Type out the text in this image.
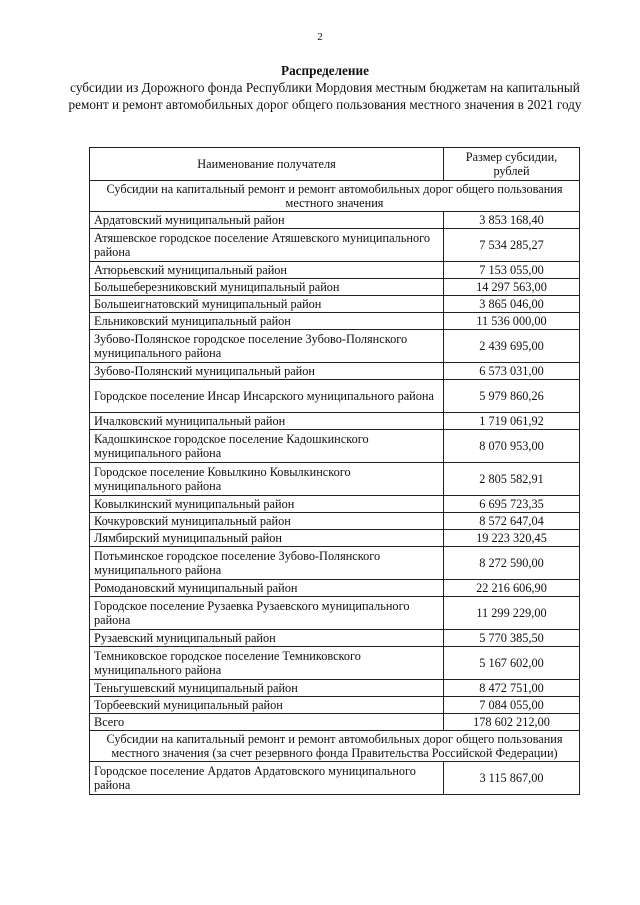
2
Распределение
субсидии из Дорожного фонда Республики Мордовия местным бюджетам на капитальный ремонт и ремонт автомобильных дорог общего пользования местного значения в 2021 году
Наименование получателя	Размер субсидии, рублей
Субсидии на капитальный ремонт и ремонт автомобильных дорог общего пользования местного значения	
Ардатовский муниципальный район	3 853 168,40
Атяшевское городское поселение Атяшевского муниципального района	7 534 285,27
Атюрьевский муниципальный район	7 153 055,00
Большеберезниковский муниципальный район	14 297 563,00
Большеигнатовский муниципальный район	3 865 046,00
Ельниковский муниципальный район	11 536 000,00
Зубово-Полянское городское поселение Зубово-Полянского муниципального района	2 439 695,00
Зубово-Полянский муниципальный район	6 573 031,00
Городское поселение Инсар Инсарского муниципального района	5 979 860,26
Ичалковский муниципальный район	1 719 061,92
Кадошкинское городское поселение Кадошкинского муниципального района	8 070 953,00
Городское поселение Ковылкино Ковылкинского муниципального района	2 805 582,91
Ковылкинский муниципальный район	6 695 723,35
Кочкуровский муниципальный район	8 572 647,04
Лямбирский муниципальный район	19 223 320,45
Потьминское городское поселение Зубово-Полянского муниципального района	8 272 590,00
Ромодановский муниципальный район	22 216 606,90
Городское поселение Рузаевка Рузаевского муниципального района	11 299 229,00
Рузаевский муниципальный район	5 770 385,50
Темниковское городское поселение Темниковского муниципального района	5 167 602,00
Теньгушевский муниципальный район	8 472 751,00
Торбеевский муниципальный район	7 084 055,00
Всего	178 602 212,00
Субсидии на капитальный ремонт и ремонт автомобильных дорог общего пользования местного значения (за счет резервного фонда Правительства Российской Федерации)	
Городское поселение Ардатов Ардатовского муниципального района	3 115 867,00
